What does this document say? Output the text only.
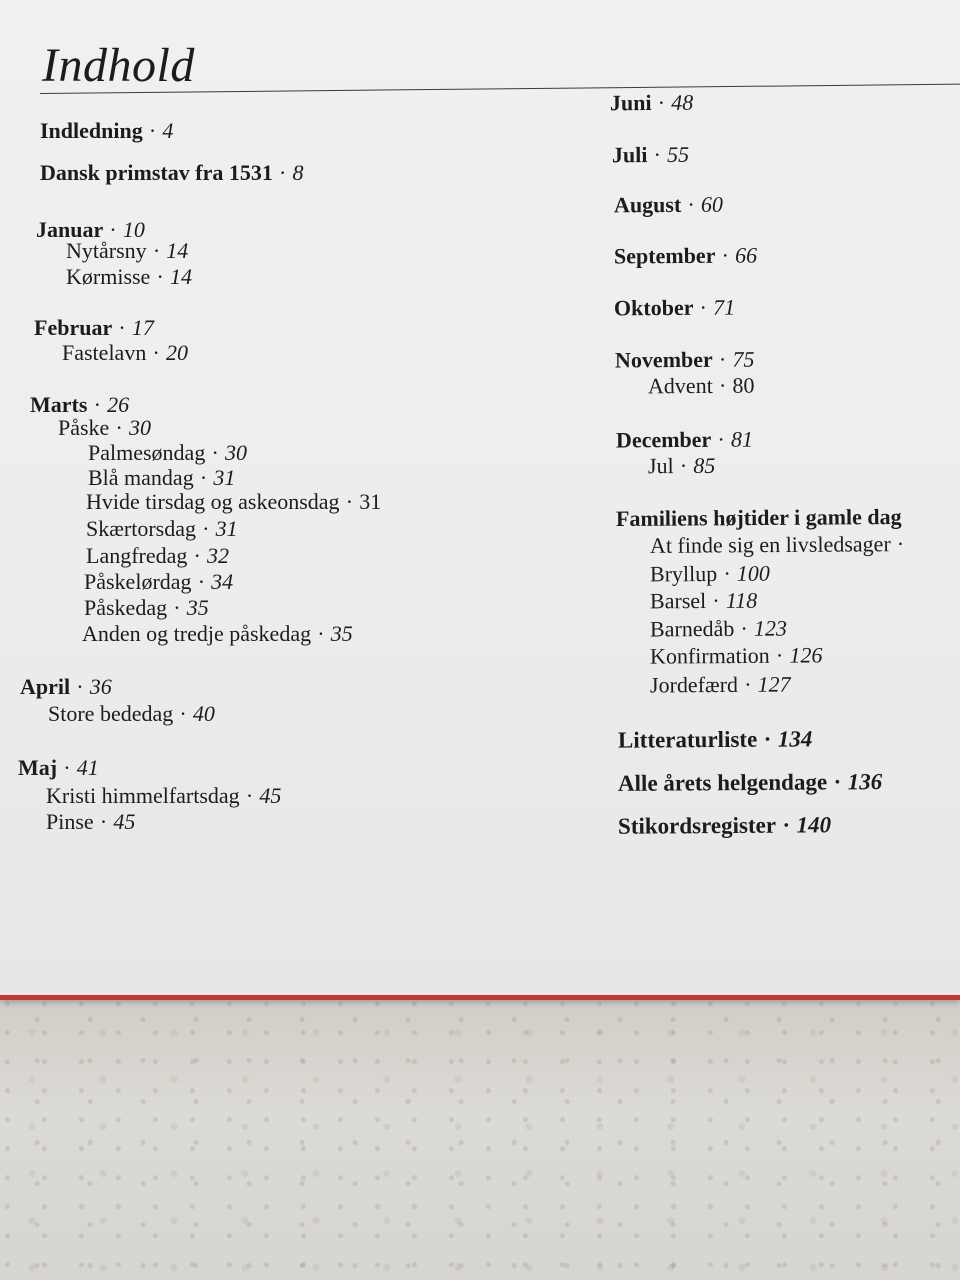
Indhold
Indledning · 4
Dansk primstav fra 1531 · 8
Januar · 10
Nytårsny · 14
Kørmisse · 14
Februar · 17
Fastelavn · 20
Marts · 26
Påske · 30
Palmesøndag · 30
Blå mandag · 31
Hvide tirsdag og askeonsdag · 31
Skærtorsdag · 31
Langfredag · 32
Påskelørdag · 34
Påskedag · 35
Anden og tredje påskedag · 35
April · 36
Store bededag · 40
Maj · 41
Kristi himmelfartsdag · 45
Pinse · 45
Juni · 48
Juli · 55
August · 60
September · 66
Oktober · 71
November · 75
Advent · 80
December · 81
Jul · 85
Familiens højtider i gamle dag
At finde sig en livsledsager ·
Bryllup · 100
Barsel · 118
Barnedåb · 123
Konfirmation · 126
Jordefærd · 127
Litteraturliste · 134
Alle årets helgendage · 136
Stikordsregister · 140
